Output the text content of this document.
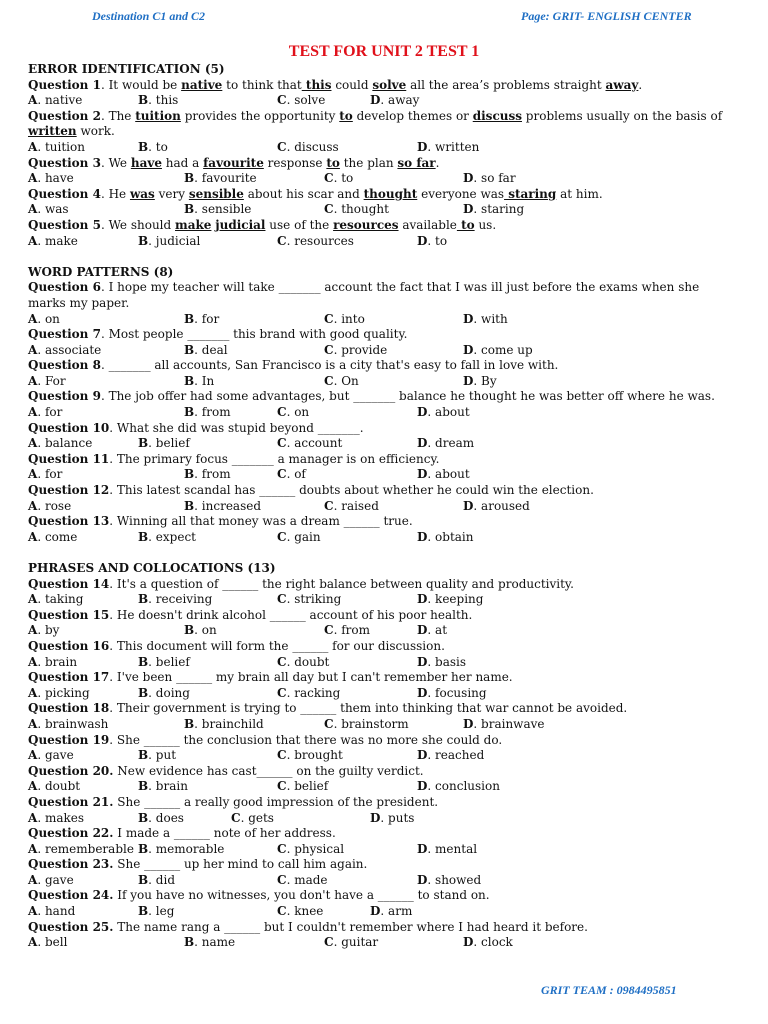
Destination C1 and C2	Page: GRIT- ENGLISH CENTER
TEST FOR UNIT 2 TEST 1
ERROR IDENTIFICATION (5)
Question 1. It would be native to think that this could solve all the area’s problems straight away.
A. native	B. this	C. solve	D. away
Question 2. The tuition provides the opportunity to develop themes or discuss problems usually on the basis of written work.
A. tuition	B. to	C. discuss	D. written
Question 3. We have had a favourite response to the plan so far.
A. have	B. favourite	C. to	D. so far
Question 4. He was very sensible about his scar and thought everyone was staring at him.
A. was	B. sensible	C. thought	D. staring
Question 5. We should make judicial use of the resources available to us.
A. make	B. judicial	C. resources	D. to
WORD PATTERNS (8)
Question 6. I hope my teacher will take _______ account the fact that I was ill just before the exams when she marks my paper.
A. on	B. for	C. into	D. with
Question 7. Most people _______ this brand with good quality.
A. associate	B. deal	C. provide	D. come up
Question 8. _______ all accounts, San Francisco is a city that's easy to fall in love with.
A. For	B. In	C. On	D. By
Question 9. The job offer had some advantages, but _______ balance he thought he was better off where he was.
A. for	B. from	C. on	D. about
Question 10. What she did was stupid beyond _______.
A. balance	B. belief	C. account	D. dream
Question 11. The primary focus _______ a manager is on efficiency.
A. for	B. from	C. of	D. about
Question 12. This latest scandal has ______ doubts about whether he could win the election.
A. rose	B. increased	C. raised	D. aroused
Question 13. Winning all that money was a dream ______ true.
A. come	B. expect	C. gain	D. obtain
PHRASES AND COLLOCATIONS (13)
Question 14. It's a question of ______ the right balance between quality and productivity.
A. taking	B. receiving	C. striking	D. keeping
Question 15. He doesn't drink alcohol ______ account of his poor health.
A. by	B. on	C. from	D. at
Question 16. This document will form the ______ for our discussion.
A. brain	B. belief	C. doubt	D. basis
Question 17. I've been ______ my brain all day but I can't remember her name.
A. picking	B. doing	C. racking	D. focusing
Question 18. Their government is trying to ______ them into thinking that war cannot be avoided.
A. brainwash	B. brainchild	C. brainstorm	D. brainwave
Question 19. She ______ the conclusion that there was no more she could do.
A. gave	B. put	C. brought	D. reached
Question 20. New evidence has cast______ on the guilty verdict.
A. doubt	B. brain	C. belief	D. conclusion
Question 21. She ______ a really good impression of the president.
A. makes	B. does	C. gets	D. puts
Question 22. I made a ______ note of her address.
A. rememberable B. memorable	C. physical	D. mental
Question 23. She ______ up her mind to call him again.
A. gave	B. did	C. made	D. showed
Question 24. If you have no witnesses, you don't have a ______ to stand on.
A. hand	B. leg	C. knee	D. arm
Question 25. The name rang a ______ but I couldn't remember where I had heard it before.
A. bell	B. name	C. guitar	D. clock
GRIT TEAM : 0984495851
